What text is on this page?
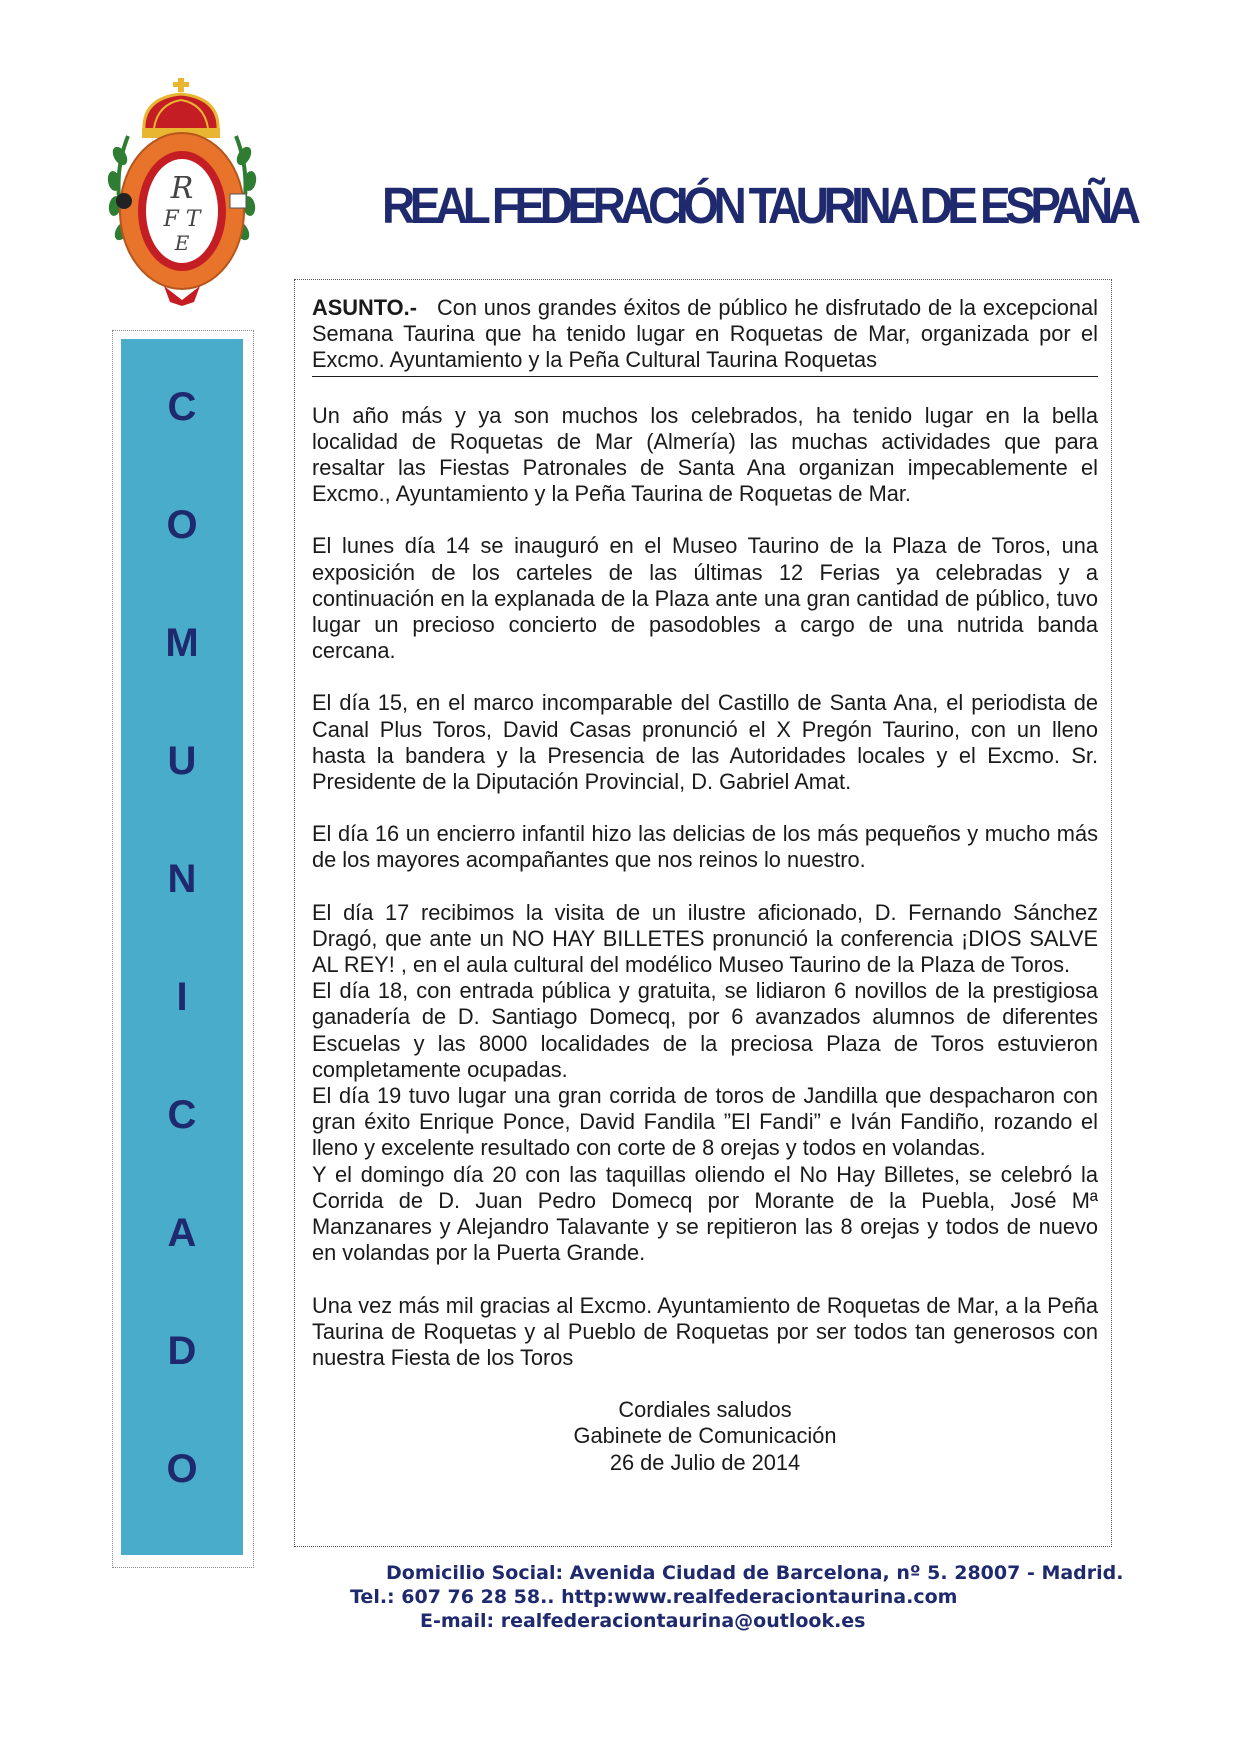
R
F T
E
REAL FEDERACIÓN TAURINA DE ESPAÑA
C
O
M
U
N
I
C
A
D
O

ASUNTO.- Con unos grandes éxitos de público he disfrutado de la excepcional Semana Taurina que ha tenido lugar en Roquetas de Mar, organizada por el Excmo. Ayuntamiento y la Peña Cultural Taurina Roquetas

Un año más y ya son muchos los celebrados, ha tenido lugar en la bella localidad de Roquetas de Mar (Almería) las muchas actividades que para resaltar las Fiestas Patronales de Santa Ana organizan impecablemente el Excmo., Ayuntamiento y la Peña Taurina de Roquetas de Mar.

El lunes día 14 se inauguró en el Museo Taurino de la Plaza de Toros, una exposición de los carteles de las últimas 12 Ferias ya celebradas y a continuación en la explanada de la Plaza ante una gran cantidad de público, tuvo lugar un precioso concierto de pasodobles a cargo de una nutrida banda cercana.

El día 15, en el marco incomparable del Castillo de Santa Ana, el periodista de Canal Plus Toros, David Casas pronunció el X Pregón Taurino, con un lleno hasta la bandera y la Presencia de las Autoridades locales y el Excmo. Sr. Presidente de la Diputación Provincial, D. Gabriel Amat.

El día 16 un encierro infantil hizo las delicias de los más pequeños y mucho más de los mayores acompañantes que nos reinos lo nuestro.

El día 17 recibimos la visita de un ilustre aficionado, D. Fernando Sánchez Dragó, que ante un NO HAY BILLETES pronunció la conferencia ¡DIOS SALVE AL REY! , en el aula cultural del modélico Museo Taurino de la Plaza de Toros.

El día 18, con entrada pública y gratuita, se lidiaron 6 novillos de la prestigiosa ganadería de D. Santiago Domecq, por 6 avanzados alumnos de diferentes Escuelas y las 8000 localidades de la preciosa Plaza de Toros estuvieron completamente ocupadas.

El día 19 tuvo lugar una gran corrida de toros de Jandilla que despacharon con gran éxito Enrique Ponce, David Fandila ”El Fandi” e Iván Fandiño, rozando el lleno y excelente resultado con corte de 8 orejas y todos en volandas.

Y el domingo día 20 con las taquillas oliendo el No Hay Billetes, se celebró la Corrida de D. Juan Pedro Domecq por Morante de la Puebla, José Mª Manzanares y Alejandro Talavante y se repitieron las 8 orejas y todos de nuevo en volandas por la Puerta Grande.

Una vez más mil gracias al Excmo. Ayuntamiento de Roquetas de Mar, a la Peña Taurina de Roquetas y al Pueblo de Roquetas por ser todos tan generosos con nuestra Fiesta de los Toros

Cordiales saludos
Gabinete de Comunicación
26 de Julio de 2014
Domicilio Social: Avenida Ciudad de Barcelona, nº 5. 28007 - Madrid.
Tel.: 607 76 28 58.. http:www.realfederaciontaurina.com
E-mail: realfederaciontaurina@outlook.es
